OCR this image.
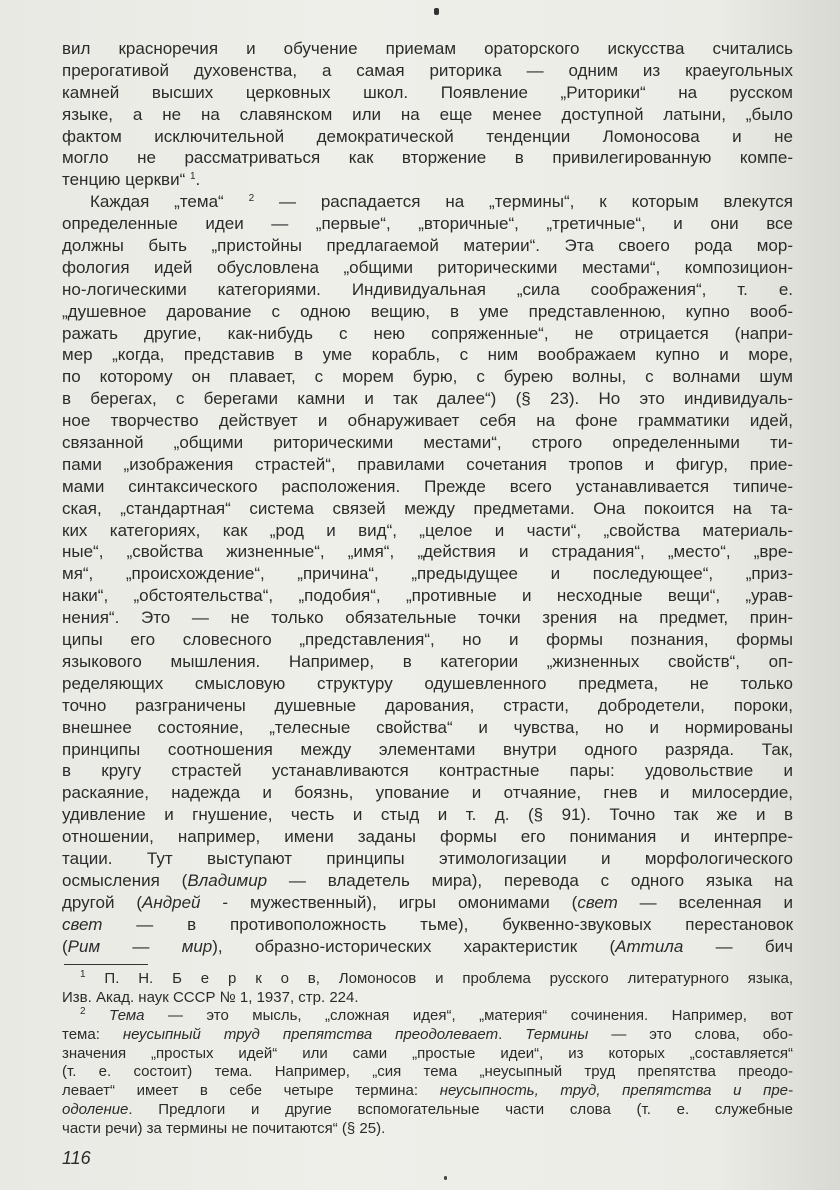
вил красноречия и обучение приемам ораторского искусства считались
прерогативой духовенства, а самая риторика — одним из краеугольных
камней высших церковных школ. Появление „Риторики“ на русском
языке, а не на славянском или на еще менее доступной латыни, „было
фактом исключительной демократической тенденции Ломоносова и не
могло не рассматриваться как вторжение в привилегированную компе-
тенцию церкви“ $^1$.
Каждая „тема“ $^2$ — распадается на „термины“, к которым влекутся
определенные идеи — „первые“, „вторичные“, „третичные“, и они все
должны быть „пристойны предлагаемой материи“. Эта своего рода мор-
фология идей обусловлена „общими риторическими местами“, композицион-
но-логическими категориями. Индивидуальная „сила соображения“, т. е.
„душевное дарование с одною вещию, в уме представленною, купно вооб-
ражать другие, как-нибудь с нею сопряженные“, не отрицается (напри-
мер „когда, представив в уме корабль, с ним воображаем купно и море,
по которому он плавает, с морем бурю, с бурею волны, с волнами шум
в берегах, с берегами камни и так далее“) (§ 23). Но это индивидуаль-
ное творчество действует и обнаруживает себя на фоне грамматики идей,
связанной „общими риторическими местами“, строго определенными ти-
пами „изображения страстей“, правилами сочетания тропов и фигур, прие-
мами синтаксического расположения. Прежде всего устанавливается типиче-
ская, „стандартная“ система связей между предметами. Она покоится на та-
ких категориях, как „род и вид“, „целое и части“, „свойства материаль-
ные“, „свойства жизненные“, „имя“, „действия и страдания“, „место“, „вре-
мя“, „происхождение“, „причина“, „предыдущее и последующее“, „приз-
наки“, „обстоятельства“, „подобия“, „противные и несходные вещи“, „урав-
нения“. Это — не только обязательные точки зрения на предмет, прин-
ципы его словесного „представления“, но и формы познания, формы
языкового мышления. Например, в категории „жизненных свойств“, оп-
ределяющих смысловую структуру одушевленного предмета, не только
точно разграничены душевные дарования, страсти, добродетели, пороки,
внешнее состояние, „телесные свойства“ и чувства, но и нормированы
принципы соотношения между элементами внутри одного разряда. Так,
в кругу страстей устанавливаются контрастные пары: удовольствие и
раскаяние, надежда и боязнь, упование и отчаяние, гнев и милосердие,
удивление и гнушение, честь и стыд и т. д. (§ 91). Точно так же и в
отношении, например, имени заданы формы его понимания и интерпре-
тации. Тут выступают принципы этимологизации и морфологического
осмысления (Владимир — владетель мира), перевода с одного языка на
другой (Андрей - мужественный), игры омонимами (свет — вселенная и
свет — в противоположность тьме), буквенно-звуковых перестановок
(Рим — мир), образно-исторических характеристик (Аттила — бич
$^1$ П. Н. Б е р к о в, Ломоносов и проблема русского литературного языка,
Изв. Акад. наук СССР № 1, 1937, стр. 224.
$^2$ Тема — это мысль, „сложная идея“, „материя“ сочинения. Например, вот
тема: неусыпный труд препятства преодолевает. Термины — это слова, обо-
значения „простых идей“ или сами „простые идеи“, из которых „составляется“
(т. е. состоит) тема. Например, „сия тема „неусыпный труд препятства преодо-
левает“ имеет в себе четыре термина: неусыпность, труд, препятства и пре-
одоление. Предлоги и другие вспомогательные части слова (т. е. служебные
части речи) за термины не почитаются“ (§ 25).
116
